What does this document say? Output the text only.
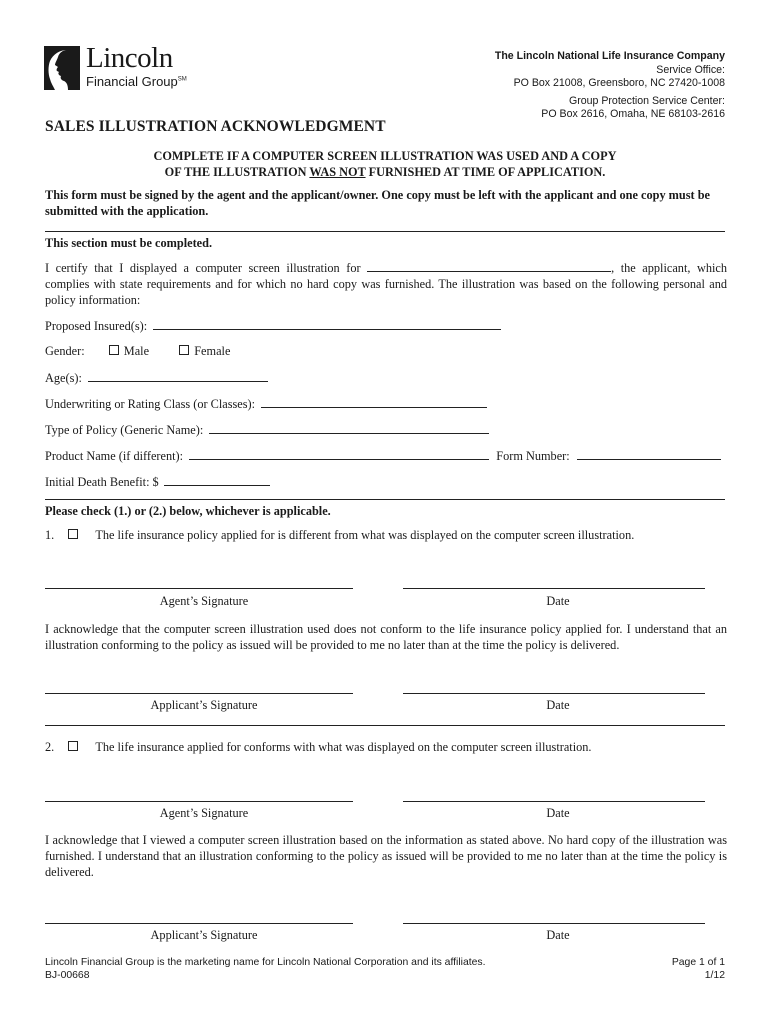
Lincoln
Financial Group℠
The Lincoln National Life Insurance Company
Service Office:
PO Box 21008, Greensboro, NC 27420-1008
Group Protection Service Center:
PO Box 2616, Omaha, NE 68103-2616
SALES ILLUSTRATION ACKNOWLEDGMENT
COMPLETE IF A COMPUTER SCREEN ILLUSTRATION WAS USED AND A COPY
OF THE ILLUSTRATION WAS NOT FURNISHED AT TIME OF APPLICATION.
This form must be signed by the agent and the applicant/owner. One copy must be left with the applicant and one copy must be submitted with the application.
This section must be completed.
I certify that I displayed a computer screen illustration for	, the applicant, which complies with state requirements and for which no hard copy was furnished. The illustration was based on the following personal and policy information:
Proposed Insured(s):
Gender:	Male	Female
Age(s):
Underwriting or Rating Class (or Classes):
Type of Policy (Generic Name):
Product Name (if different):	Form Number:
Initial Death Benefit: $
Please check (1.) or (2.) below, whichever is applicable.
1.	The life insurance policy applied for is different from what was displayed on the computer screen illustration.
Agent’s Signature	Date
I acknowledge that the computer screen illustration used does not conform to the life insurance policy applied for. I understand that an illustration conforming to the policy as issued will be provided to me no later than at the time the policy is delivered.
Applicant’s Signature	Date
2.	The life insurance applied for conforms with what was displayed on the computer screen illustration.
Agent’s Signature	Date
I acknowledge that I viewed a computer screen illustration based on the information as stated above. No hard copy of the illustration was furnished. I understand that an illustration conforming to the policy as issued will be provided to me no later than at the time the policy is delivered.
Applicant’s Signature	Date
Lincoln Financial Group is the marketing name for Lincoln National Corporation and its affiliates.
BJ-00668
Page 1 of 1
1/12
